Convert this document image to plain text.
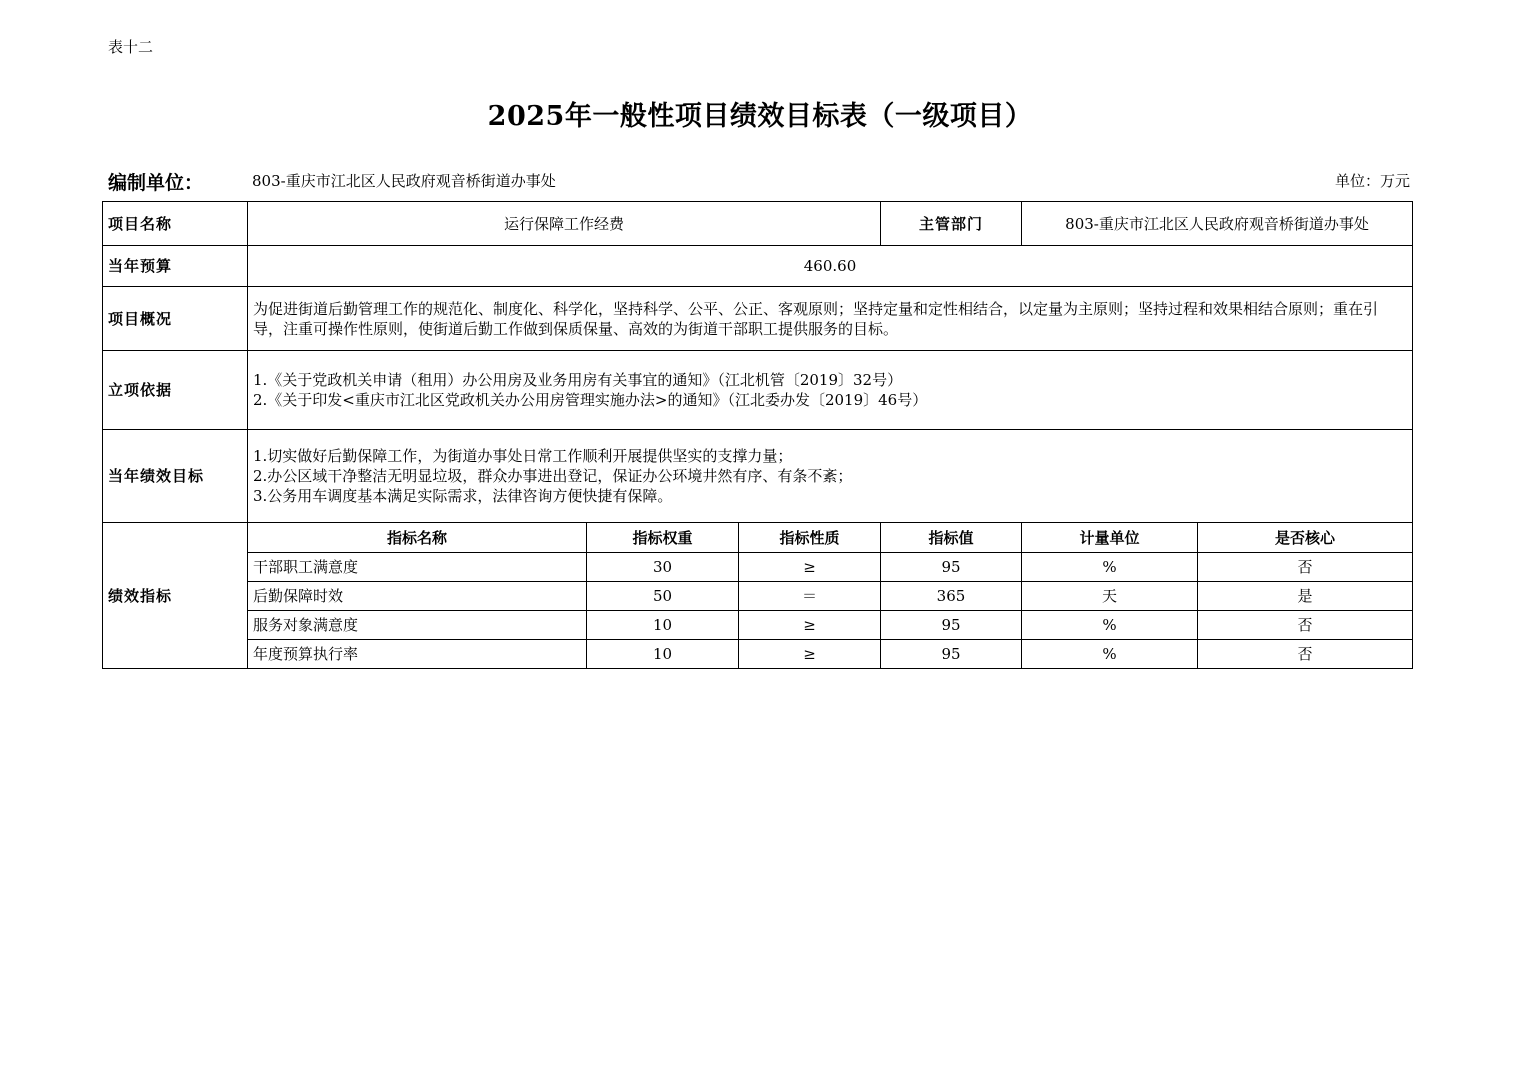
表十二
2025年一般性项目绩效目标表（一级项目）
编制单位：	803-重庆市江北区人民政府观音桥街道办事处	单位：万元
项目名称	运行保障工作经费			主管部门	803-重庆市江北区人民政府观音桥街道办事处	
当年预算	460.60					
项目概况	为促进街道后勤管理工作的规范化、制度化、科学化，坚持科学、公平、公正、客观原则；坚持定量和定性相结合，以定量为主原则；坚持过程和效果相结合原则；重在引导，注重可操作性原则，使街道后勤工作做到保质保量、高效的为街道干部职工提供服务的目标。					
立项依据	1.《关于党政机关申请（租用）办公用房及业务用房有关事宜的通知》（江北机管〔2019〕32号）
2.《关于印发<重庆市江北区党政机关办公用房管理实施办法>的通知》（江北委办发〔2019〕46号）					

当年绩效目标	1.切实做好后勤保障工作，为街道办事处日常工作顺利开展提供坚实的支撑力量；
2.办公区域干净整洁无明显垃圾，群众办事进出登记，保证办公环境井然有序、有条不紊；
3.公务用车调度基本满足实际需求，法律咨询方便快捷有保障。					

绩效指标	指标名称	指标权重	指标性质	指标值	计量单位	是否核心
	干部职工满意度	30	≥	95	%	否
	后勤保障时效	50	＝	365	天	是
	服务对象满意度	10	≥	95	%	否
	年度预算执行率	10	≥	95	%	否
